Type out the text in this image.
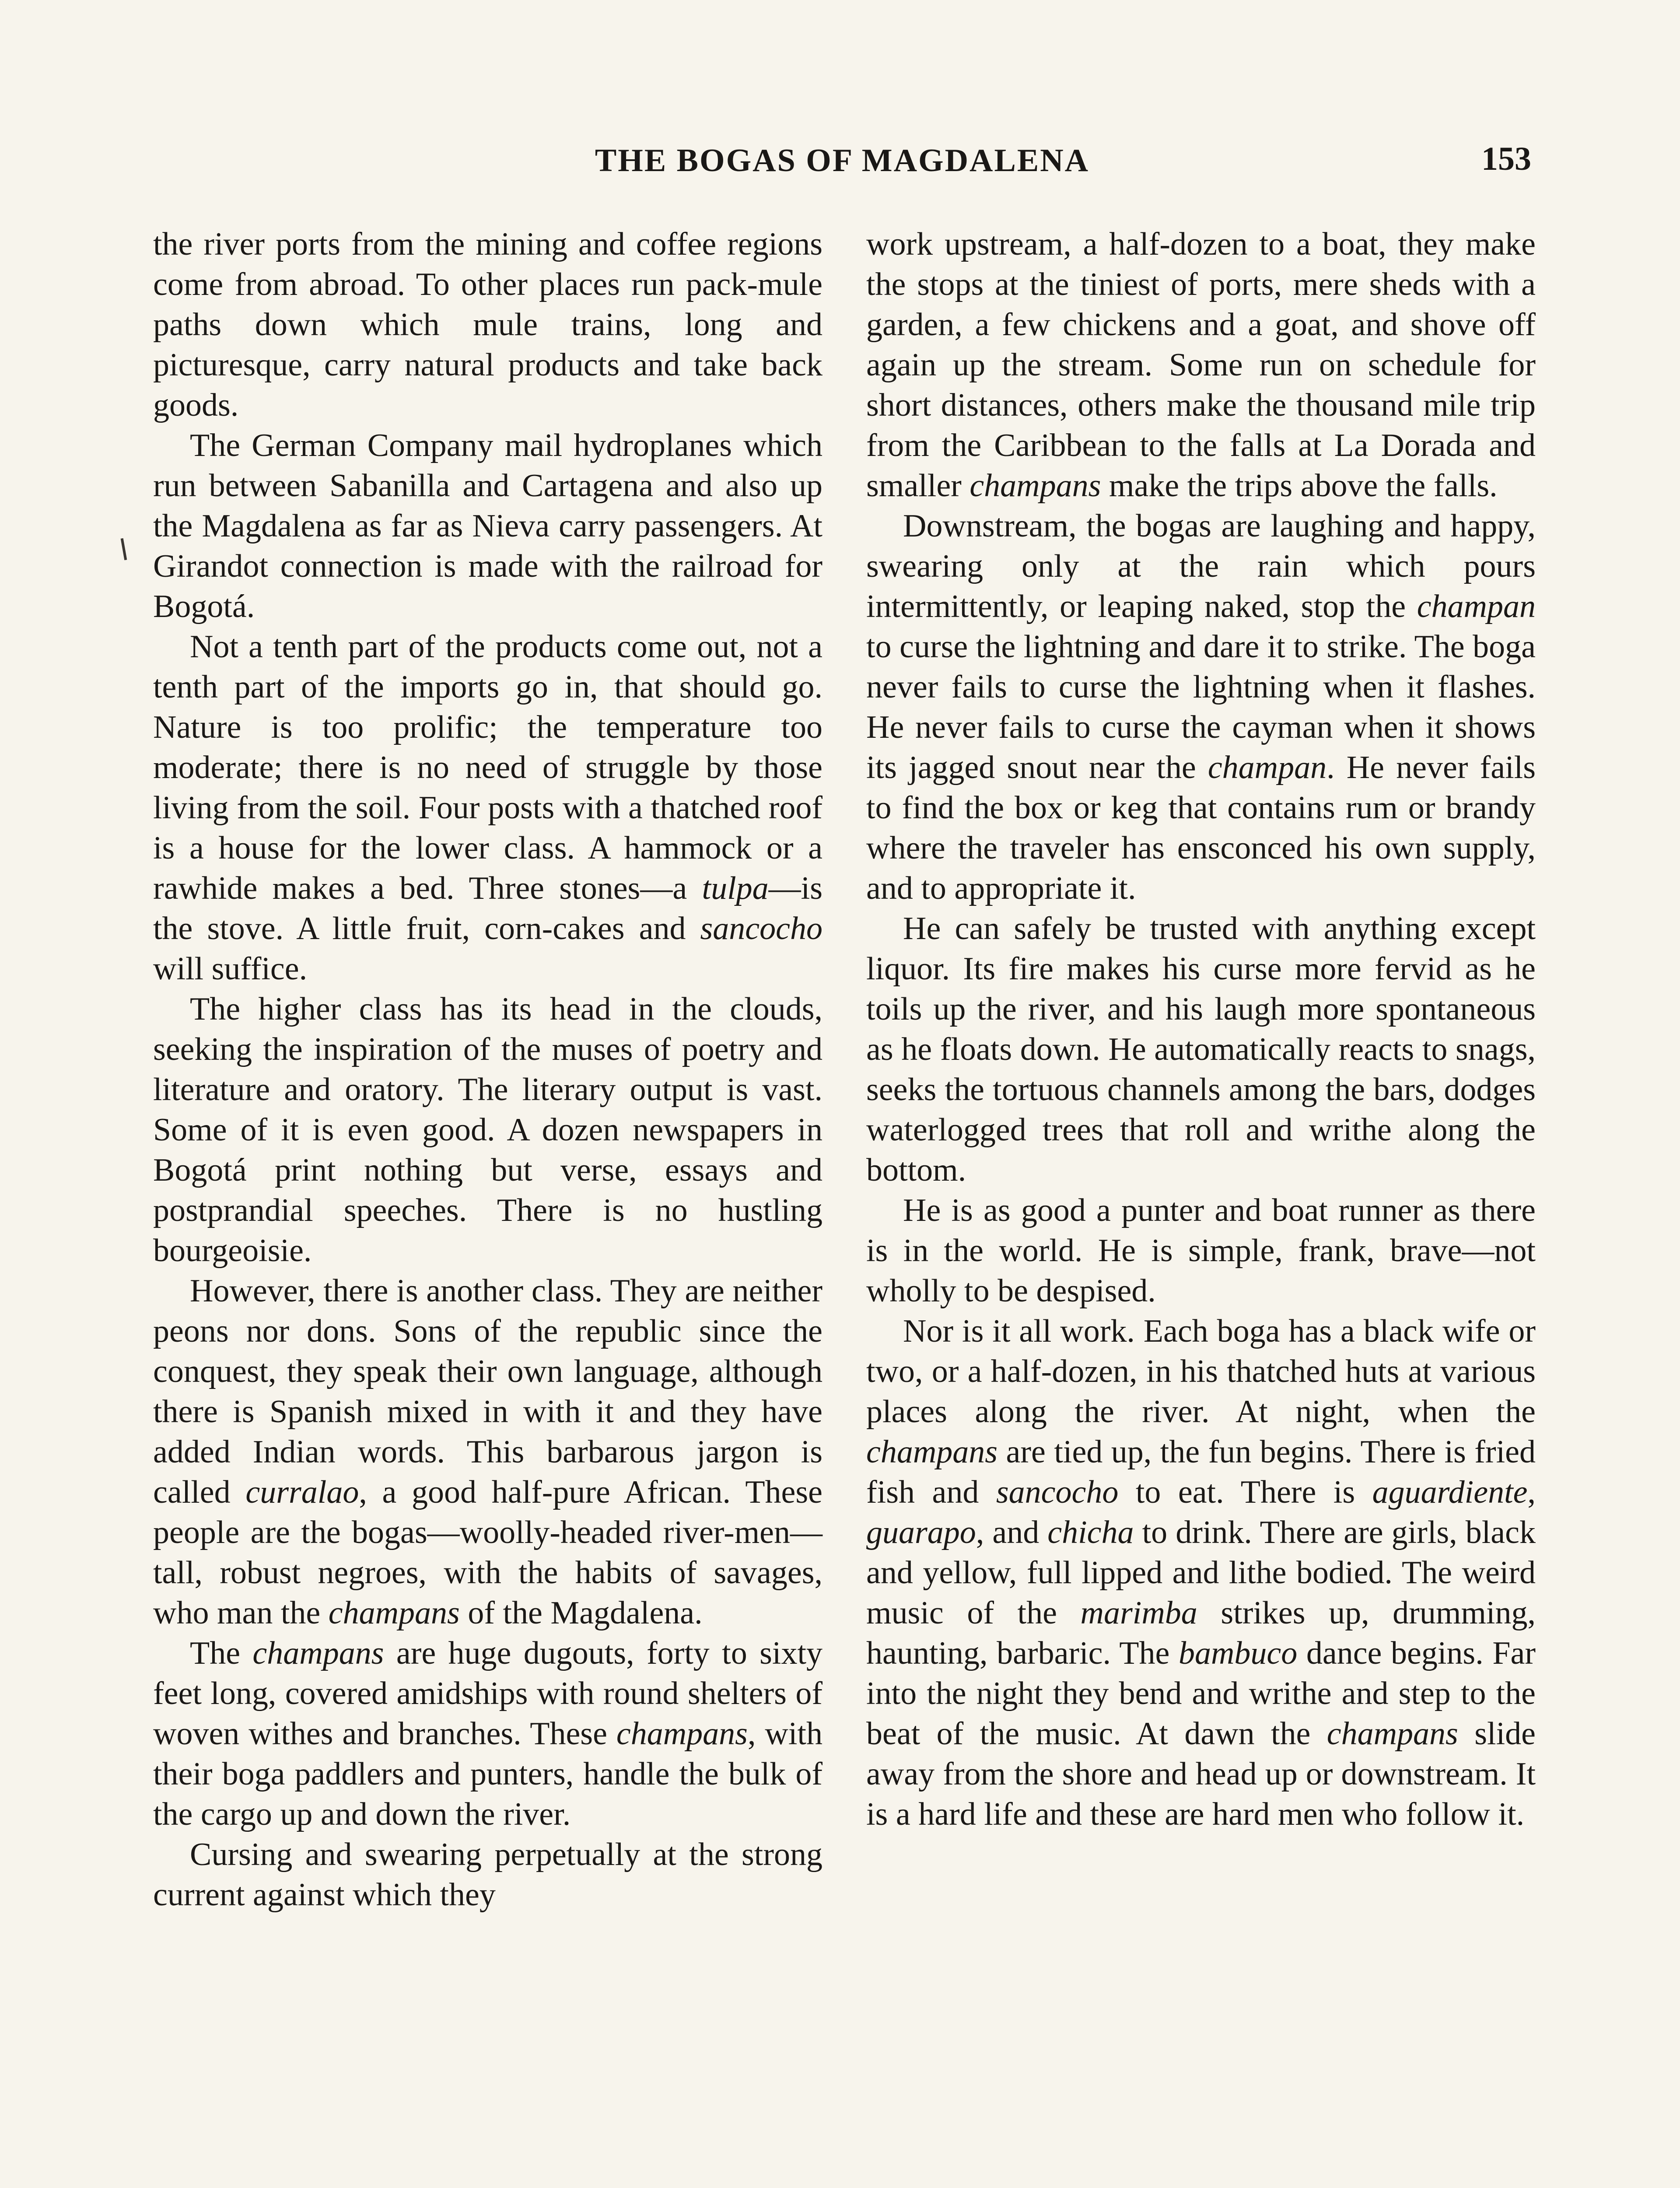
THE BOGAS OF MAGDALENA	153

the river ports from the mining and coffee regions come from abroad. To other places run pack-mule paths down which mule trains, long and picturesque, carry natural products and take back goods.

The German Company mail hydroplanes which run between Sabanilla and Cartagena and also up the Magdalena as far as Nieva carry passengers. At Girandot connection is made with the railroad for Bogotá.

Not a tenth part of the products come out, not a tenth part of the imports go in, that should go. Nature is too prolific; the temperature too moderate; there is no need of struggle by those living from the soil. Four posts with a thatched roof is a house for the lower class. A hammock or a rawhide makes a bed. Three stones—a tulpa—is the stove. A little fruit, corn-cakes and sancocho will suffice.

The higher class has its head in the clouds, seeking the inspiration of the muses of poetry and literature and oratory. The literary output is vast. Some of it is even good. A dozen newspapers in Bogotá print nothing but verse, essays and postprandial speeches. There is no hustling bourgeoisie.

However, there is another class. They are neither peons nor dons. Sons of the republic since the conquest, they speak their own language, although there is Spanish mixed in with it and they have added Indian words. This barbarous jargon is called curralao, a good half-pure African. These people are the bogas—woolly-headed river-men—tall, robust negroes, with the habits of savages, who man the champans of the Magdalena.

The champans are huge dugouts, forty to sixty feet long, covered amidships with round shelters of woven withes and branches. These champans, with their boga paddlers and punters, handle the bulk of the cargo up and down the river.

Cursing and swearing perpetually at the strong current against which they

work upstream, a half-dozen to a boat, they make the stops at the tiniest of ports, mere sheds with a garden, a few chickens and a goat, and shove off again up the stream. Some run on schedule for short distances, others make the thousand mile trip from the Caribbean to the falls at La Dorada and smaller champans make the trips above the falls.

Downstream, the bogas are laughing and happy, swearing only at the rain which pours intermittently, or leaping naked, stop the champan to curse the lightning and dare it to strike. The boga never fails to curse the lightning when it flashes. He never fails to curse the cayman when it shows its jagged snout near the champan. He never fails to find the box or keg that contains rum or brandy where the traveler has ensconced his own supply, and to appropriate it.

He can safely be trusted with anything except liquor. Its fire makes his curse more fervid as he toils up the river, and his laugh more spontaneous as he floats down. He automatically reacts to snags, seeks the tortuous channels among the bars, dodges waterlogged trees that roll and writhe along the bottom.

He is as good a punter and boat runner as there is in the world. He is simple, frank, brave—not wholly to be despised.

Nor is it all work. Each boga has a black wife or two, or a half-dozen, in his thatched huts at various places along the river. At night, when the champans are tied up, the fun begins. There is fried fish and sancocho to eat. There is aguardiente, guarapo, and chicha to drink. There are girls, black and yellow, full lipped and lithe bodied. The weird music of the marimba strikes up, drumming, haunting, barbaric. The bambuco dance begins. Far into the night they bend and writhe and step to the beat of the music. At dawn the champans slide away from the shore and head up or downstream. It is a hard life and these are hard men who follow it.
